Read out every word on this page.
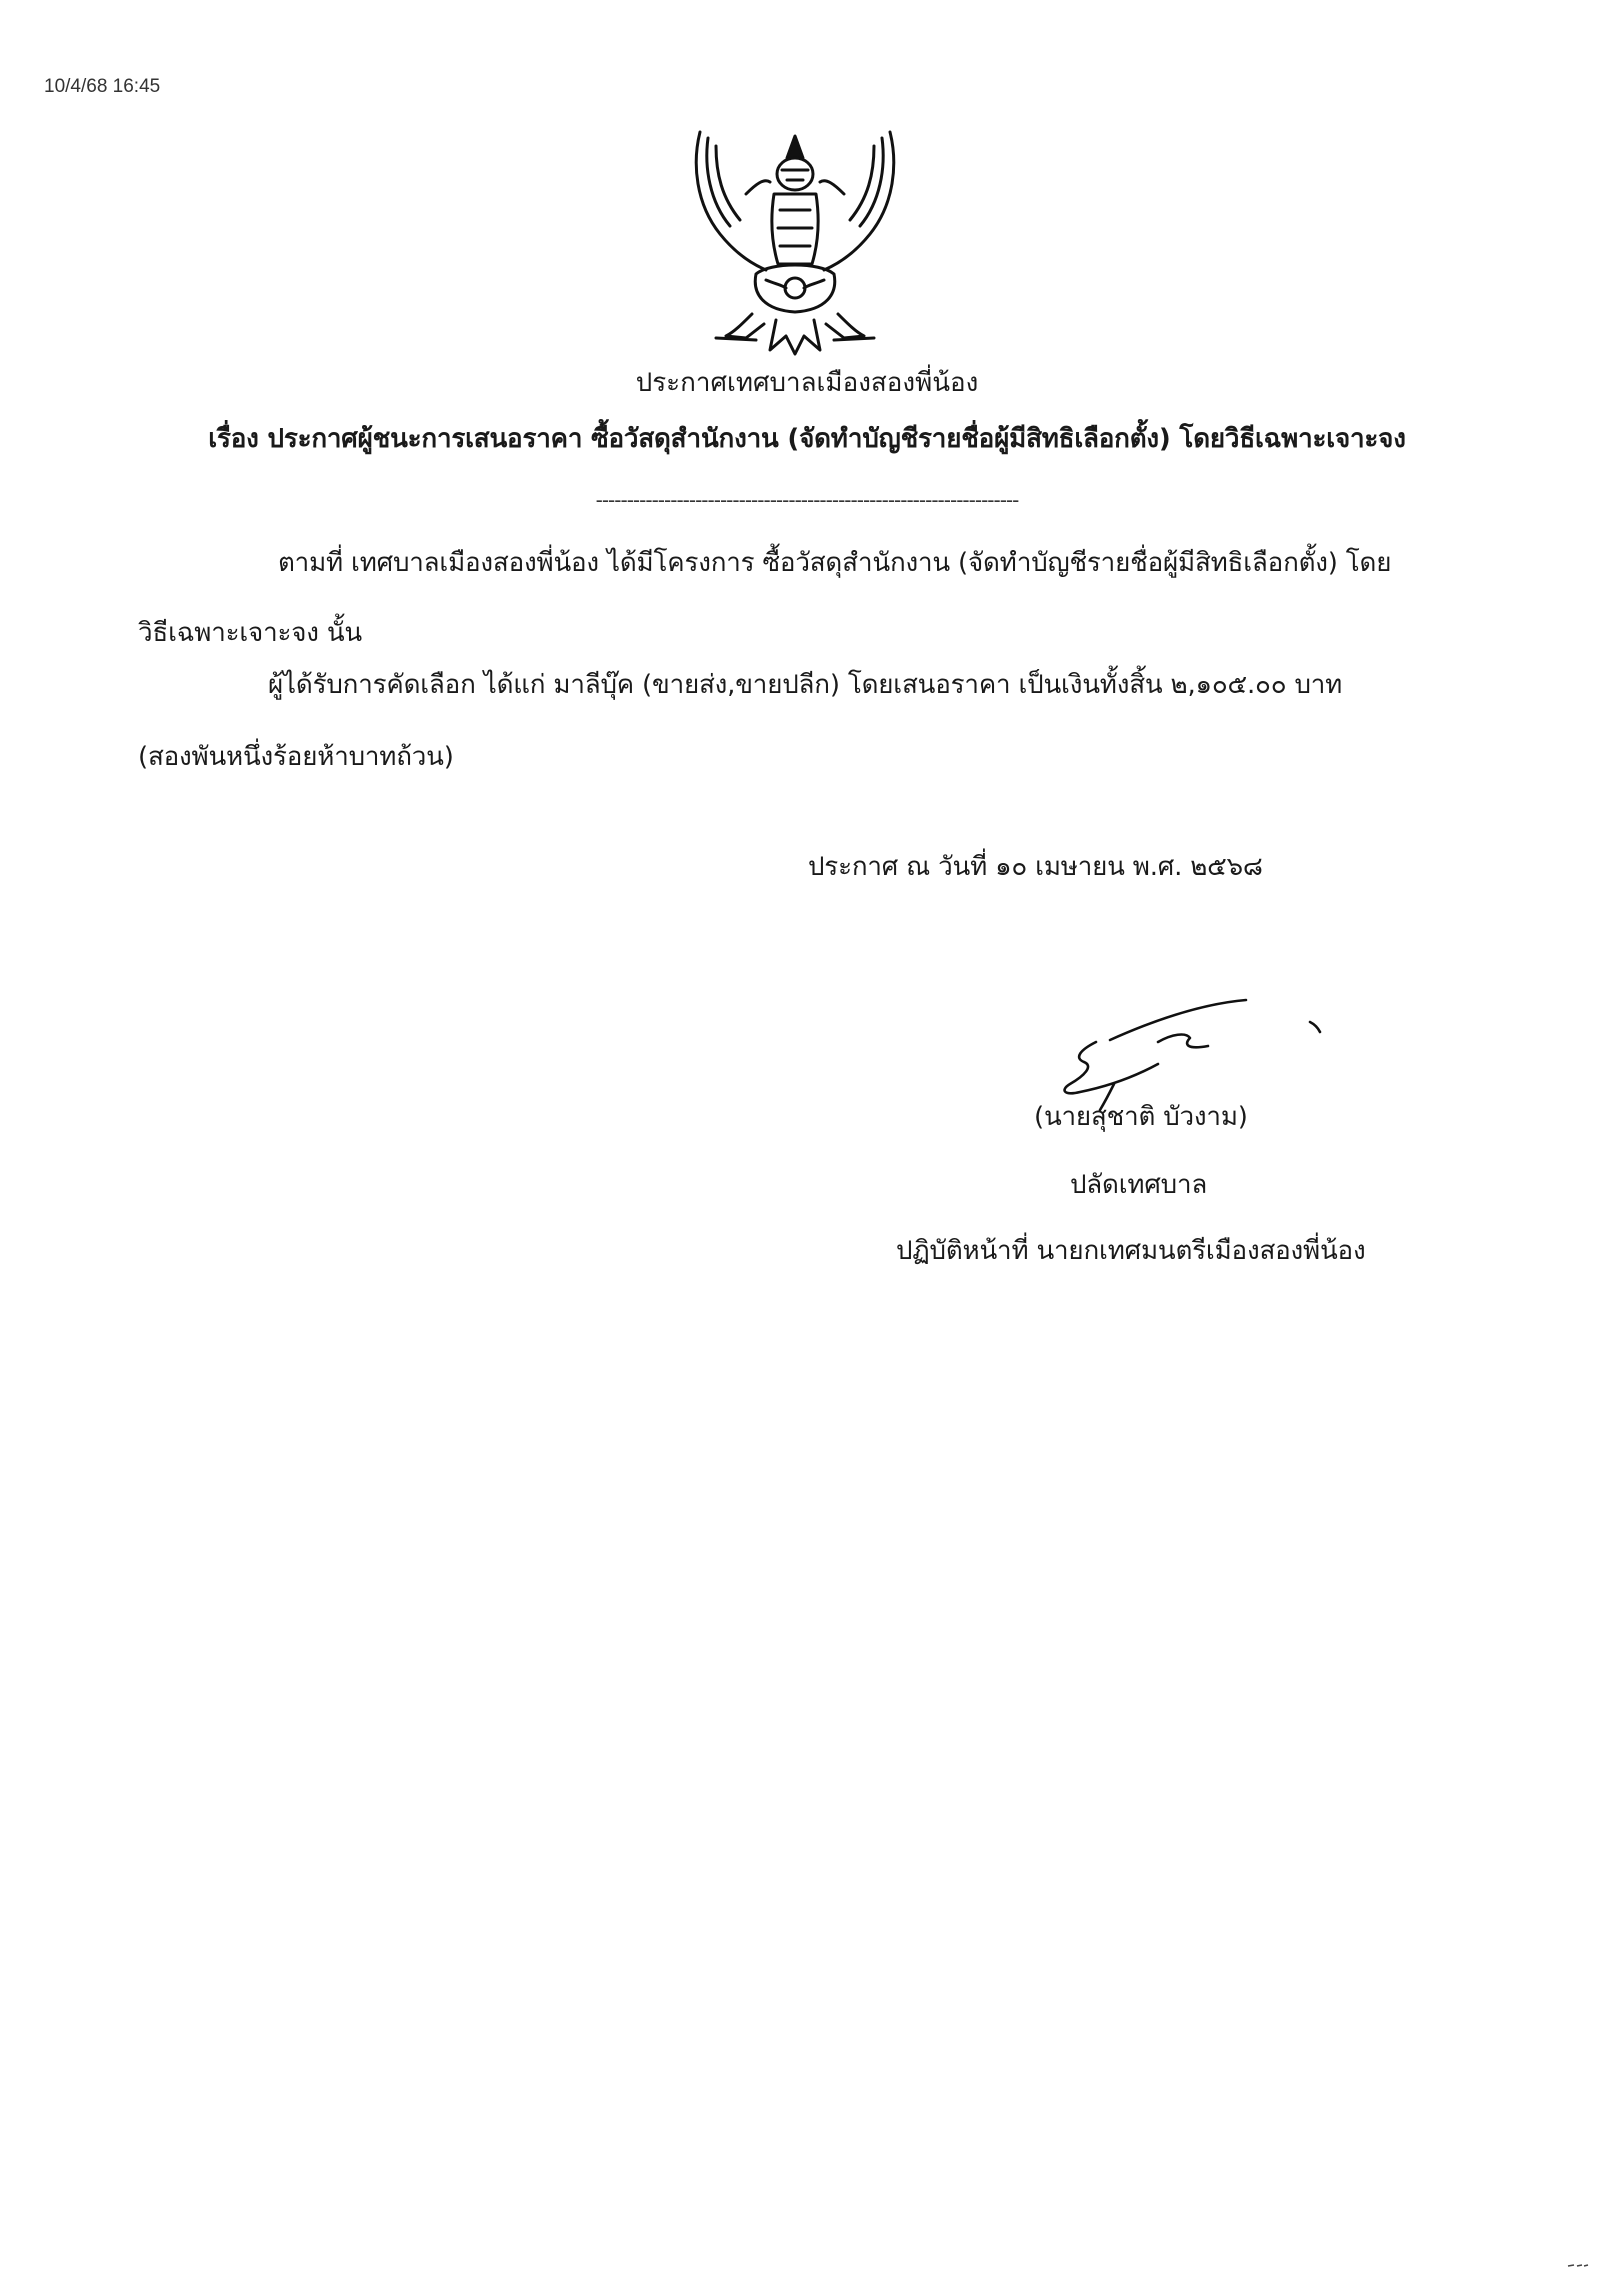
10/4/68 16:45
ประกาศเทศบาลเมืองสองพี่น้อง
เรื่อง ประกาศผู้ชนะการเสนอราคา ซื้อวัสดุสำนักงาน (จัดทำบัญชีรายชื่อผู้มีสิทธิเลือกตั้ง) โดยวิธีเฉพาะเจาะจง
--------------------------------------------------------------------
ตามที่ เทศบาลเมืองสองพี่น้อง ได้มีโครงการ ซื้อวัสดุสำนักงาน (จัดทำบัญชีรายชื่อผู้มีสิทธิเลือกตั้ง) โดย
วิธีเฉพาะเจาะจง นั้น
ผู้ได้รับการคัดเลือก ได้แก่ มาลีบุ๊ค (ขายส่ง,ขายปลีก) โดยเสนอราคา เป็นเงินทั้งสิ้น ๒,๑๐๕.๐๐ บาท
(สองพันหนึ่งร้อยห้าบาทถ้วน)
ประกาศ ณ วันที่ ๑๐ เมษายน พ.ศ. ๒๕๖๘
(นายสุชาติ บัวงาม)
ปลัดเทศบาล
ปฏิบัติหน้าที่ นายกเทศมนตรีเมืองสองพี่น้อง
